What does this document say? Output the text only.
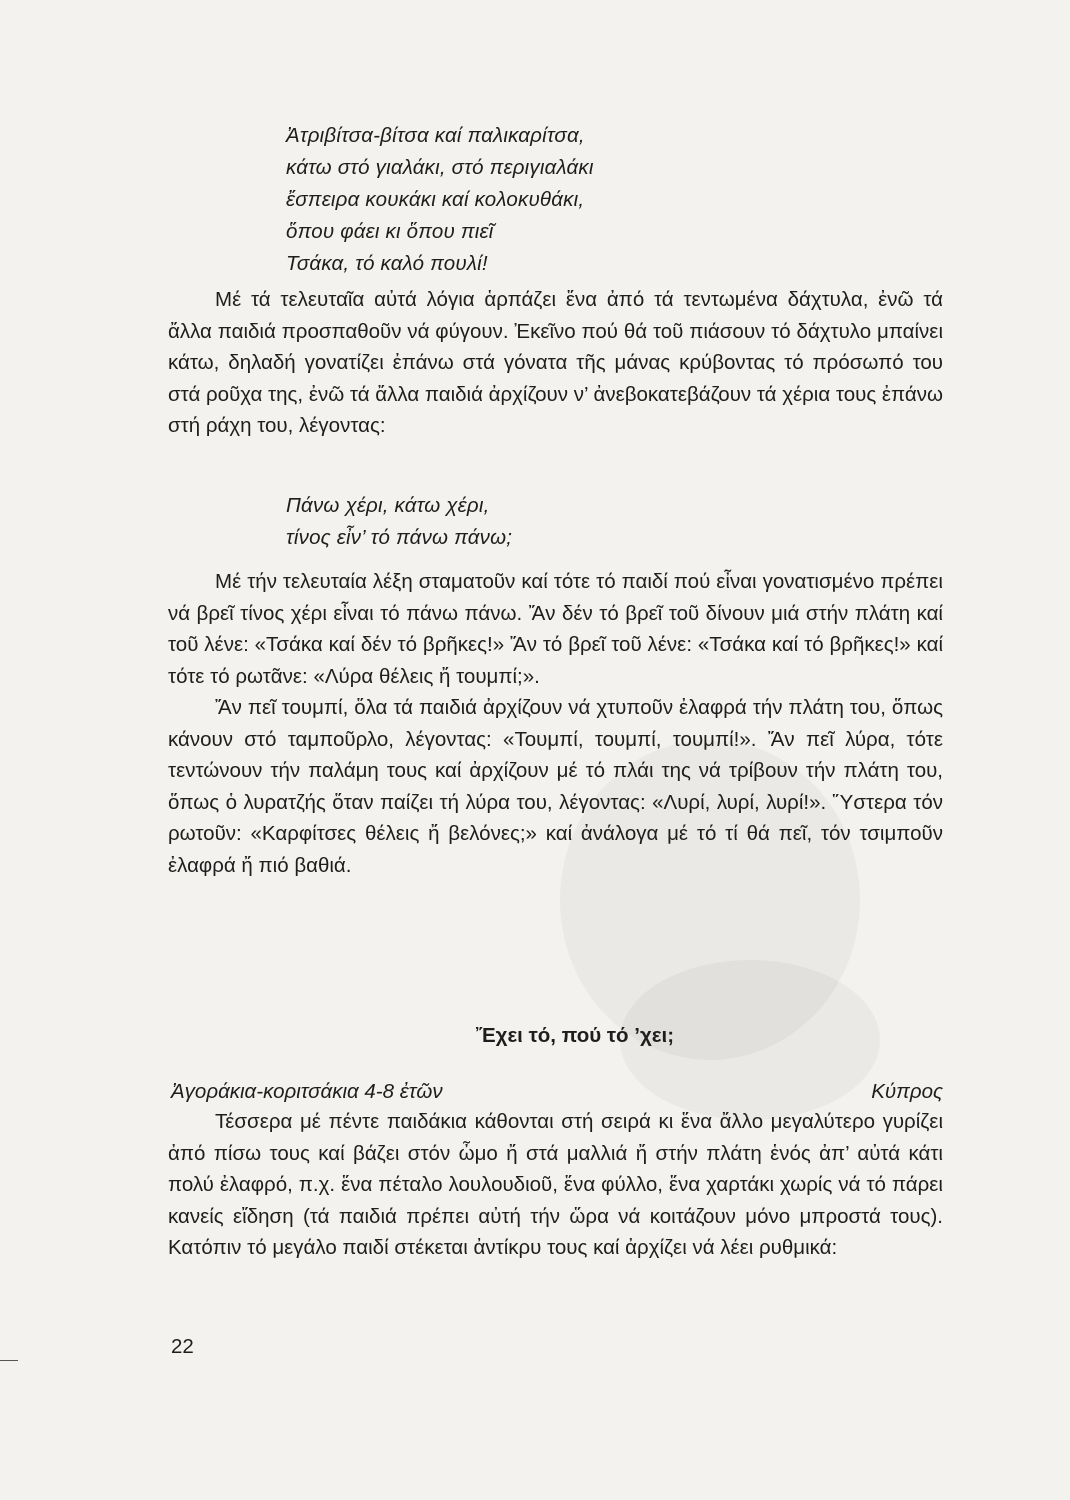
Ἀτριβίτσα-βίτσα καί παλικαρίτσα,
κάτω στό γιαλάκι, στό περιγιαλάκι
ἔσπειρα κουκάκι καί κολοκυθάκι,
ὅπου φάει κι ὅπου πιεῖ
Τσάκα, τό καλό πουλί!

Μέ τά τελευταῖα αὐτά λόγια ἁρπάζει ἕνα ἀπό τά τεντωμένα δάχτυλα, ἐνῶ τά ἄλλα παιδιά προσπαθοῦν νά φύγουν. Ἐκεῖνο πού θά τοῦ πιάσουν τό δάχτυλο μπαίνει κάτω, δηλαδή γονατίζει ἐπάνω στά γόνατα τῆς μάνας κρύβοντας τό πρόσωπό του στά ροῦχα της, ἐνῶ τά ἄλλα παιδιά ἀρχίζουν ν’ ἀνεβοκατεβάζουν τά χέρια τους ἐπάνω στή ράχη του, λέγοντας:

Πάνω χέρι, κάτω χέρι,
τίνος εἶν’ τό πάνω πάνω;

Μέ τήν τελευταία λέξη σταματοῦν καί τότε τό παιδί πού εἶναι γονατισμένο πρέπει νά βρεῖ τίνος χέρι εἶναι τό πάνω πάνω. Ἄν δέν τό βρεῖ τοῦ δίνουν μιά στήν πλάτη καί τοῦ λένε: «Τσάκα καί δέν τό βρῆκες!» Ἄν τό βρεῖ τοῦ λένε: «Τσάκα καί τό βρῆκες!» καί τότε τό ρωτᾶνε: «Λύρα θέλεις ἤ τουμπί;».

Ἄν πεῖ τουμπί, ὅλα τά παιδιά ἀρχίζουν νά χτυποῦν ἐλαφρά τήν πλάτη του, ὅπως κάνουν στό ταμποῦρλο, λέγοντας: «Τουμπί, τουμπί, τουμπί!». Ἄν πεῖ λύρα, τότε τεντώνουν τήν παλάμη τους καί ἀρχίζουν μέ τό πλάι της νά τρίβουν τήν πλάτη του, ὅπως ὁ λυρατζής ὅταν παίζει τή λύρα του, λέγοντας: «Λυρί, λυρί, λυρί!». Ὕστερα τόν ρωτοῦν: «Καρφίτσες θέλεις ἤ βελόνες;» καί ἀνάλογα μέ τό τί θά πεῖ, τόν τσιμποῦν ἐλαφρά ἤ πιό βαθιά.

Ἔχει τό, πού τό ’χει;
Ἀγοράκια-κοριτσάκια 4-8 ἐτῶν	Κύπρος

Τέσσερα μέ πέντε παιδάκια κάθονται στή σειρά κι ἕνα ἄλλο μεγαλύτερο γυρίζει ἀπό πίσω τους καί βάζει στόν ὦμο ἤ στά μαλλιά ἤ στήν πλάτη ἑνός ἀπ’ αὐτά κάτι πολύ ἐλαφρό, π.χ. ἕνα πέταλο λουλουδιοῦ, ἕνα φύλλο, ἕνα χαρτάκι χωρίς νά τό πάρει κανείς εἴδηση (τά παιδιά πρέπει αὐτή τήν ὥρα νά κοιτάζουν μόνο μπροστά τους). Κατόπιν τό μεγάλο παιδί στέκεται ἀντίκρυ τους καί ἀρχίζει νά λέει ρυθμικά:

22
